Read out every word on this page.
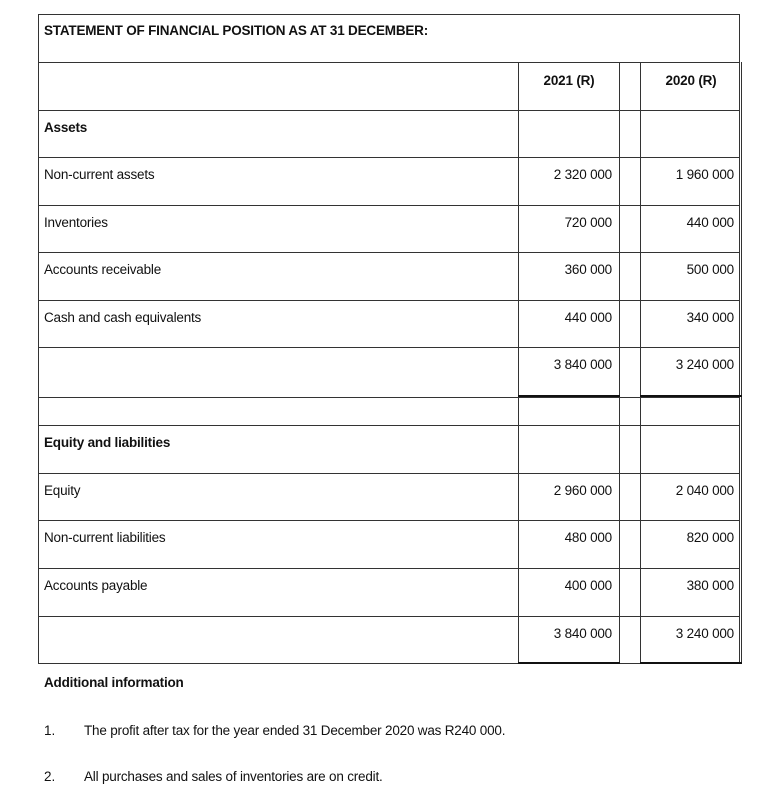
STATEMENT OF FINANCIAL POSITION AS AT 31 DECEMBER:
2021 (R)	2020 (R)
Assets
Non-current assets	2 320 000	1 960 000
Inventories	720 000	440 000
Accounts receivable	360 000	500 000
Cash and cash equivalents	440 000	340 000
3 840 000	3 240 000
Equity and liabilities
Equity	2 960 000	2 040 000
Non-current liabilities	480 000	820 000
Accounts payable	400 000	380 000
3 840 000	3 240 000
Additional information
1. The profit after tax for the year ended 31 December 2020 was R240 000.
2. All purchases and sales of inventories are on credit.
